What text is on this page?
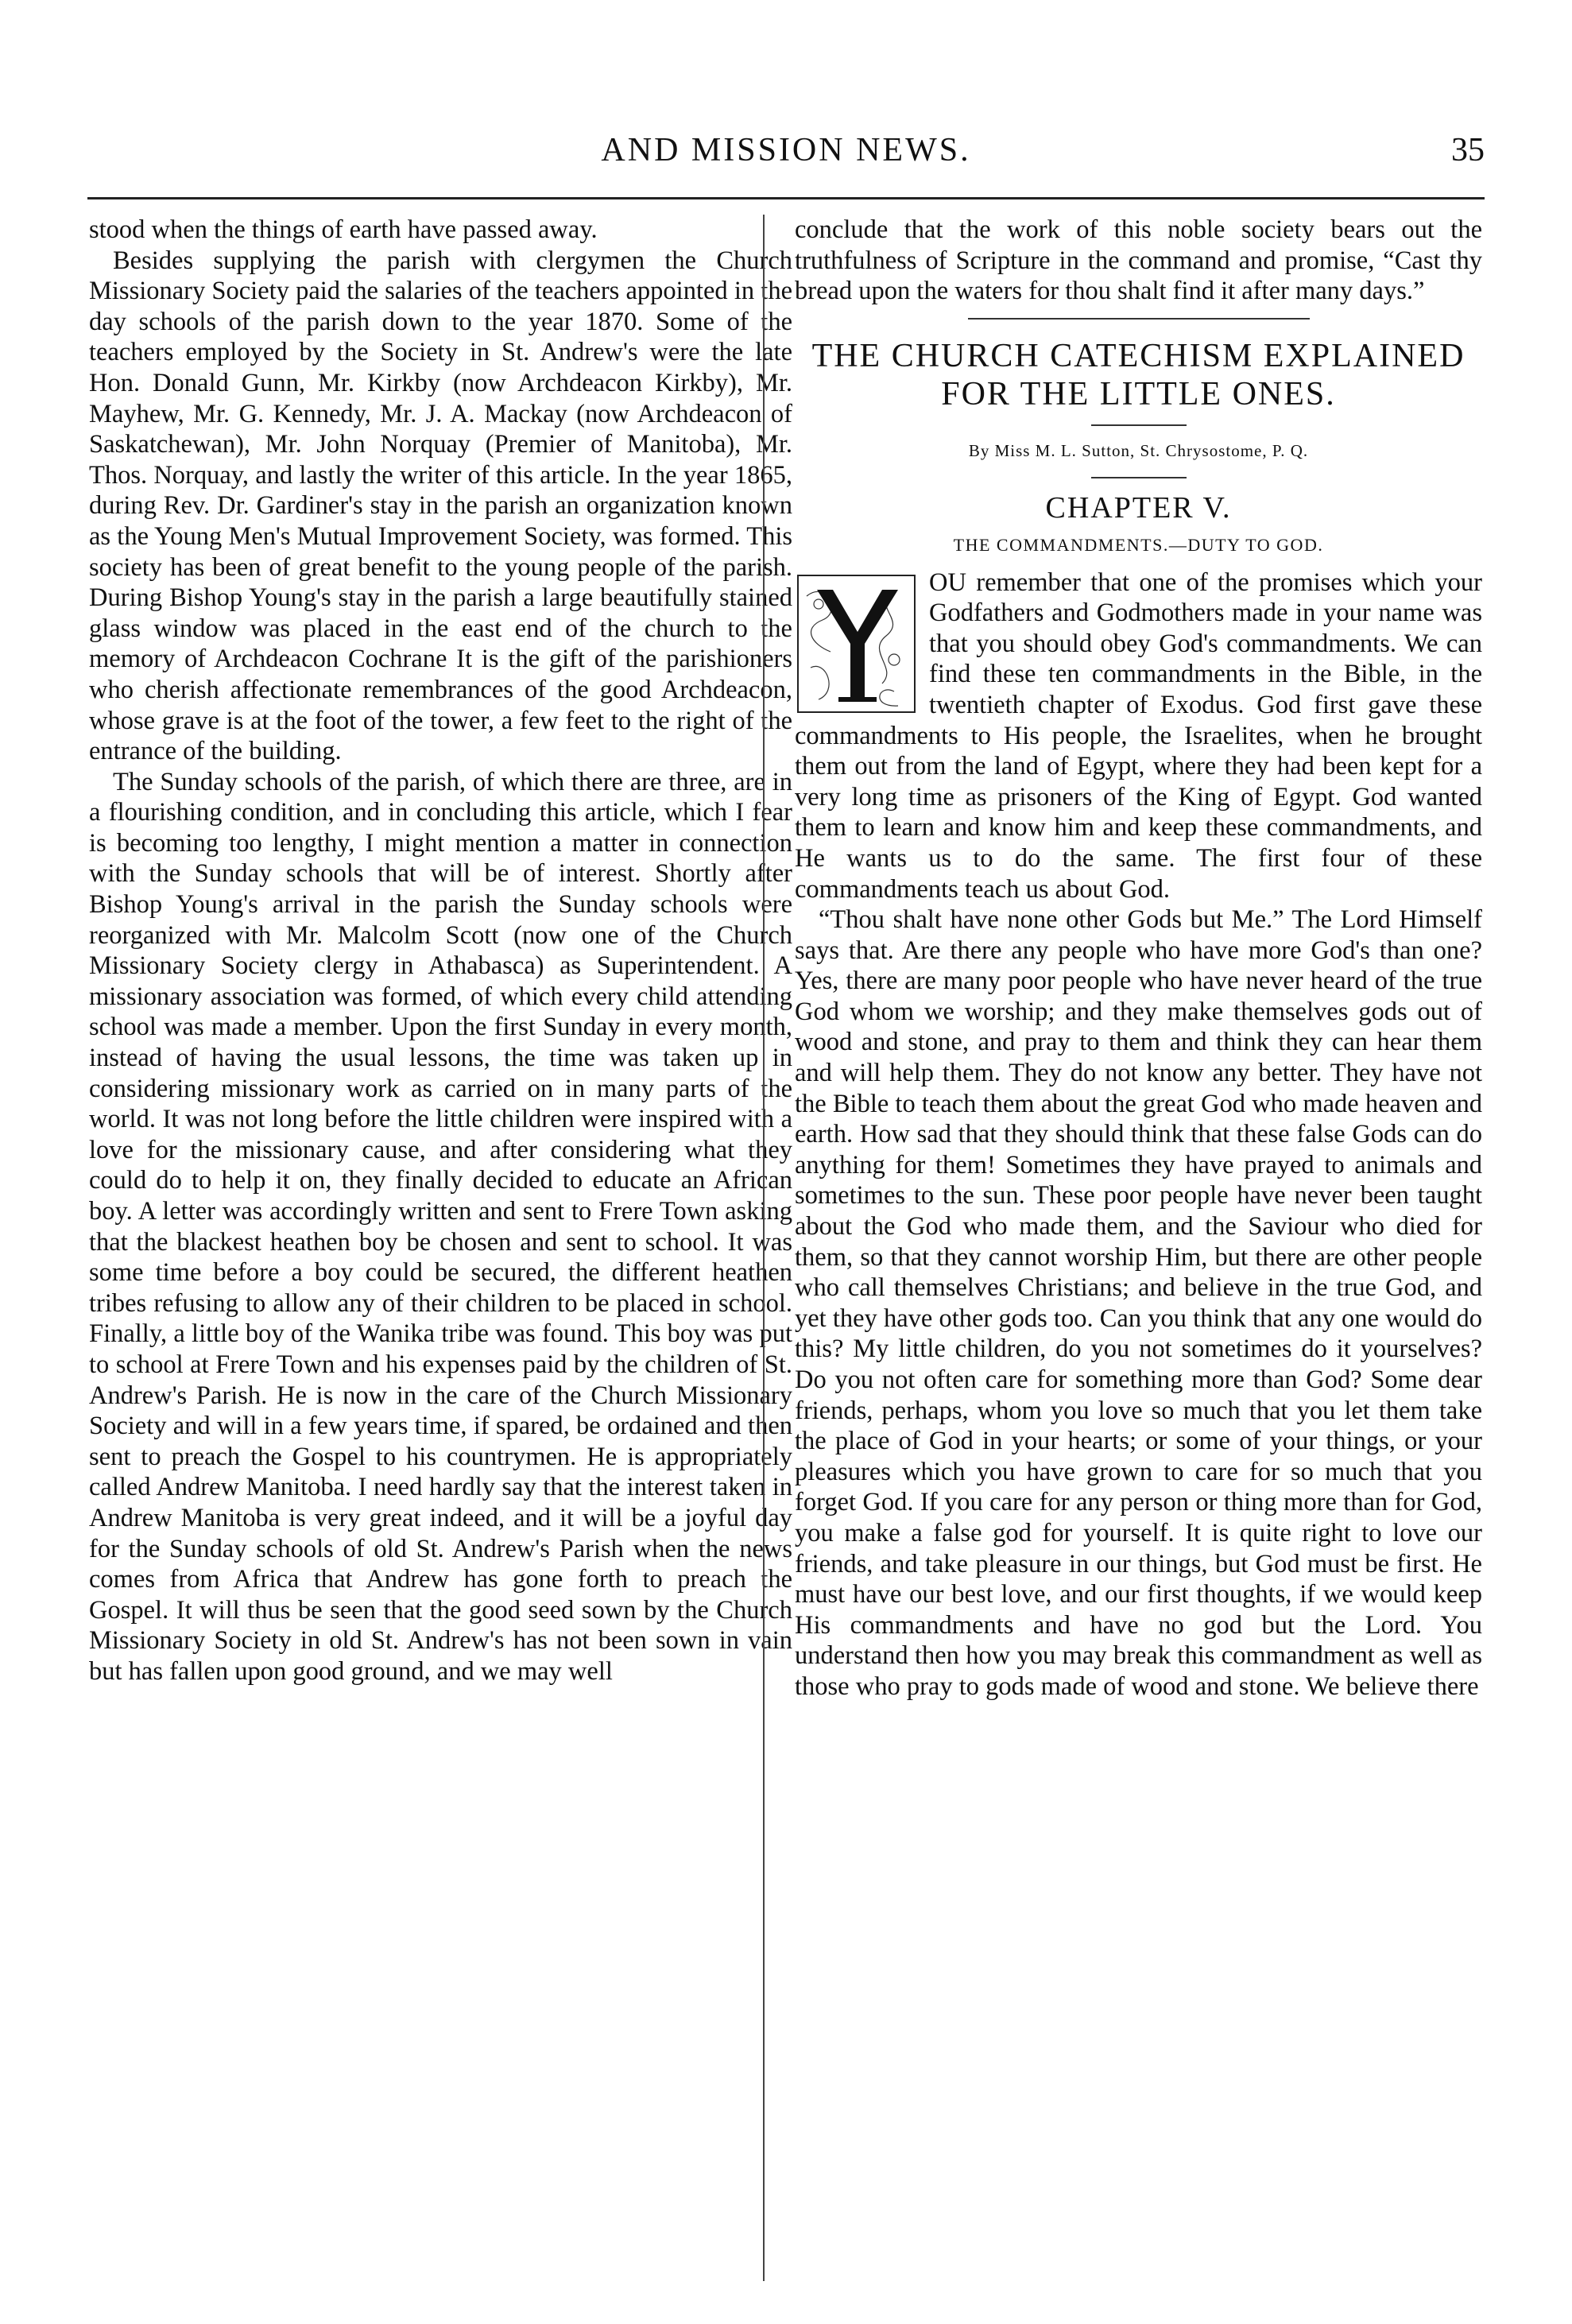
AND MISSION NEWS.	35

stood when the things of earth have passed away.

Besides supplying the parish with clergymen the Church Missionary Society paid the salaries of the teachers appointed in the day schools of the parish down to the year 1870. Some of the teachers employed by the Society in St. Andrew's were the late Hon. Donald Gunn, Mr. Kirkby (now Archdeacon Kirkby), Mr. Mayhew, Mr. G. Kennedy, Mr. J. A. Mackay (now Archdeacon of Saskatchewan), Mr. John Norquay (Premier of Manitoba), Mr. Thos. Norquay, and lastly the writer of this article. In the year 1865, during Rev. Dr. Gardiner's stay in the parish an organization known as the Young Men's Mutual Improvement Society, was formed. This society has been of great benefit to the young people of the parish. During Bishop Young's stay in the parish a large beautifully stained glass window was placed in the east end of the church to the memory of Archdeacon Cochrane It is the gift of the parishioners who cherish affectionate remembrances of the good Archdeacon, whose grave is at the foot of the tower, a few feet to the right of the entrance of the building.

The Sunday schools of the parish, of which there are three, are in a flourishing condition, and in concluding this article, which I fear is becoming too lengthy, I might mention a matter in connection with the Sunday schools that will be of interest. Shortly after Bishop Young's arrival in the parish the Sunday schools were reorganized with Mr. Malcolm Scott (now one of the Church Missionary Society clergy in Athabasca) as Superintendent. A missionary association was formed, of which every child attending school was made a member. Upon the first Sunday in every month, instead of having the usual lessons, the time was taken up in considering missionary work as carried on in many parts of the world. It was not long before the little children were inspired with a love for the missionary cause, and after considering what they could do to help it on, they finally decided to educate an African boy. A letter was accordingly written and sent to Frere Town asking that the blackest heathen boy be chosen and sent to school. It was some time before a boy could be secured, the different heathen tribes refusing to allow any of their children to be placed in school. Finally, a little boy of the Wanika tribe was found. This boy was put to school at Frere Town and his expenses paid by the children of St. Andrew's Parish. He is now in the care of the Church Missionary Society and will in a few years time, if spared, be ordained and then sent to preach the Gospel to his countrymen. He is appropriately called Andrew Manitoba. I need hardly say that the interest taken in Andrew Manitoba is very great indeed, and it will be a joyful day for the Sunday schools of old St. Andrew's Parish when the news comes from Africa that Andrew has gone forth to preach the Gospel. It will thus be seen that the good seed sown by the Church Missionary Society in old St. Andrew's has not been sown in vain but has fallen upon good ground, and we may well

conclude that the work of this noble society bears out the truthfulness of Scripture in the command and promise, “Cast thy bread upon the waters for thou shalt find it after many days.”

THE CHURCH CATECHISM EXPLAINED FOR THE LITTLE ONES.
By Miss M. L. Sutton, St. Chrysostome, P. Q.
CHAPTER V.
THE COMMANDMENTS.—DUTY TO GOD.

OU remember that one of the promises which your Godfathers and Godmothers made in your name was that you should obey God's commandments. We can find these ten commandments in the Bible, in the twentieth chapter of Exodus. God first gave these commandments to His people, the Israelites, when he brought them out from the land of Egypt, where they had been kept for a very long time as prisoners of the King of Egypt. God wanted them to learn and know him and keep these commandments, and He wants us to do the same. The first four of these commandments teach us about God.

“Thou shalt have none other Gods but Me.” The Lord Himself says that. Are there any people who have more God's than one? Yes, there are many poor people who have never heard of the true God whom we worship; and they make themselves gods out of wood and stone, and pray to them and think they can hear them and will help them. They do not know any better. They have not the Bible to teach them about the great God who made heaven and earth. How sad that they should think that these false Gods can do anything for them! Sometimes they have prayed to animals and sometimes to the sun. These poor people have never been taught about the God who made them, and the Saviour who died for them, so that they cannot worship Him, but there are other people who call themselves Christians; and believe in the true God, and yet they have other gods too. Can you think that any one would do this? My little children, do you not sometimes do it yourselves? Do you not often care for something more than God? Some dear friends, perhaps, whom you love so much that you let them take the place of God in your hearts; or some of your things, or your pleasures which you have grown to care for so much that you forget God. If you care for any person or thing more than for God, you make a false god for yourself. It is quite right to love our friends, and take pleasure in our things, but God must be first. He must have our best love, and our first thoughts, if we would keep His commandments and have no god but the Lord. You understand then how you may break this commandment as well as those who pray to gods made of wood and stone. We believe there
